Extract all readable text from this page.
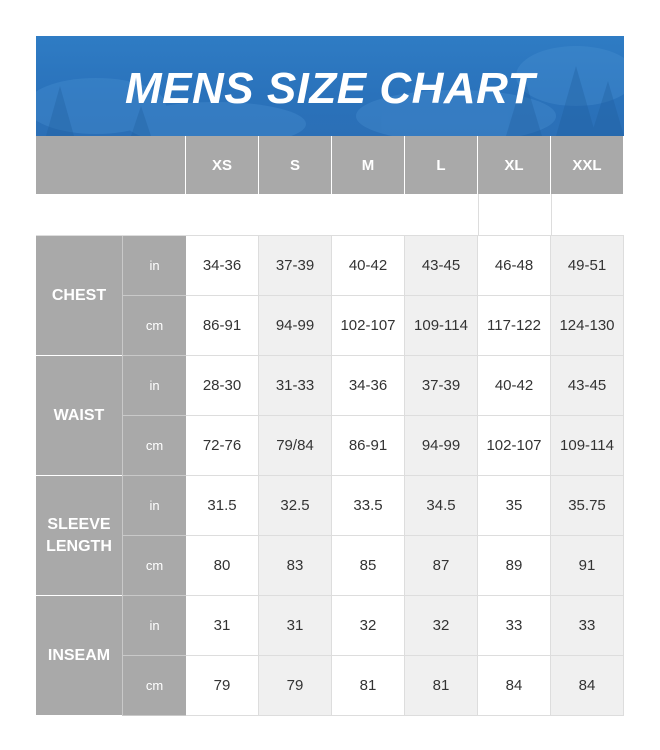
MENS SIZE CHART
XS	S	M	L	XL	XXL
CHEST
in	34-36	37-39	40-42	43-45	46-48	49-51
cm	86-91	94-99	102-107	109-114	117-122	124-130
WAIST
in	28-30	31-33	34-36	37-39	40-42	43-45
cm	72-76	79/84	86-91	94-99	102-107	109-114
SLEEVE
LENGTH
in	31.5	32.5	33.5	34.5	35	35.75
cm	80	83	85	87	89	91
INSEAM
in	31	31	32	32	33	33
cm	79	79	81	81	84	84
